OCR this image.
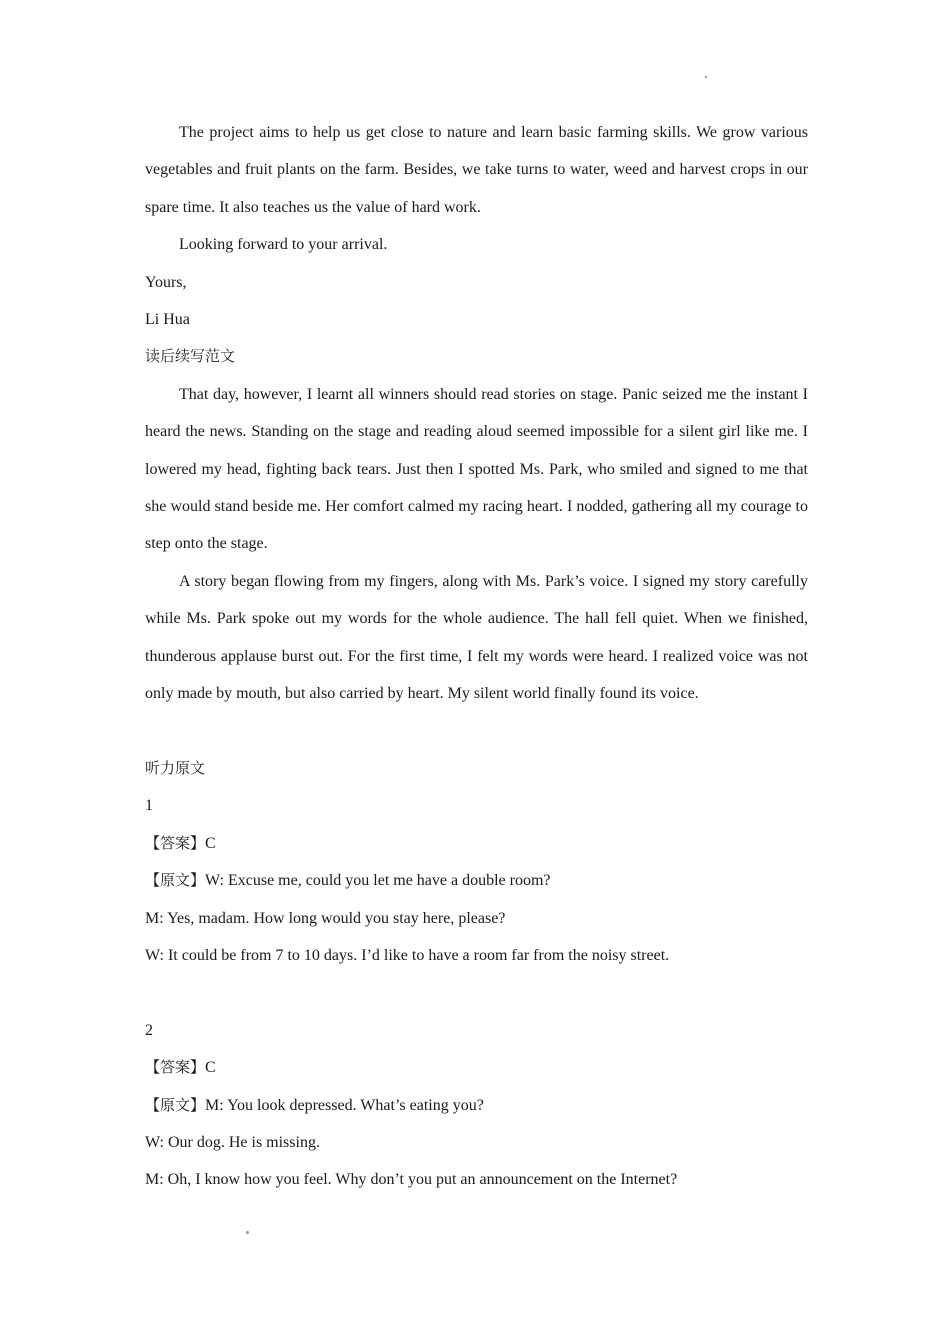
The project aims to help us get close to nature and learn basic farming skills. We grow various vegetables and fruit plants on the farm. Besides, we take turns to water, weed and harvest crops in our spare time. It also teaches us the value of hard work.

Looking forward to your arrival.

Yours,

Li Hua

读后续写范文

That day, however, I learnt all winners should read stories on stage. Panic seized me the instant I heard the news. Standing on the stage and reading aloud seemed impossible for a silent girl like me. I lowered my head, fighting back tears. Just then I spotted Ms. Park, who smiled and signed to me that she would stand beside me. Her comfort calmed my racing heart. I nodded, gathering all my courage to step onto the stage.

A story began flowing from my fingers, along with Ms. Park’s voice. I signed my story carefully while Ms. Park spoke out my words for the whole audience. The hall fell quiet. When we finished, thunderous applause burst out. For the first time, I felt my words were heard. I realized voice was not only made by mouth, but also carried by heart. My silent world finally found its voice.

听力原文

1

【答案】C

【原文】W: Excuse me, could you let me have a double room?

M: Yes, madam. How long would you stay here, please?

W: It could be from 7 to 10 days. I’d like to have a room far from the noisy street.

2

【答案】C

【原文】M: You look depressed. What’s eating you?

W: Our dog. He is missing.

M: Oh, I know how you feel. Why don’t you put an announcement on the Internet?
